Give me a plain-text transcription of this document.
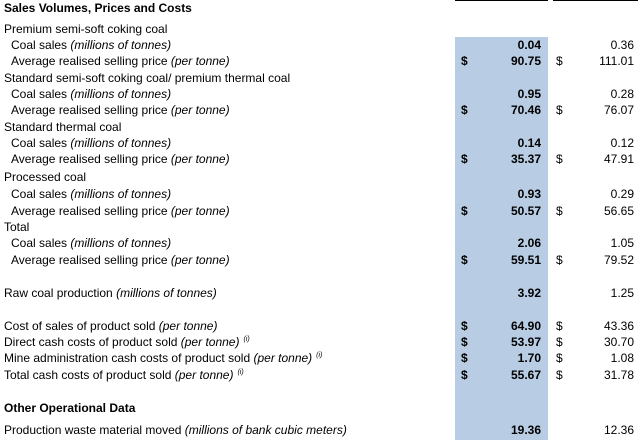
Sales Volumes, Prices and Costs
Premium semi-soft coking coal
Coal sales (millions of tonnes)	0.04	0.36
Average realised selling price (per tonne)	$	90.75 $	111.01
Standard semi-soft coking coal/ premium thermal coal
Coal sales (millions of tonnes)	0.95	0.28
Average realised selling price (per tonne)	$	70.46 $	76.07
Standard thermal coal
Coal sales (millions of tonnes)	0.14	0.12
Average realised selling price (per tonne)	$	35.37 $	47.91
Processed coal
Coal sales (millions of tonnes)	0.93	0.29
Average realised selling price (per tonne)	$	50.57 $	56.65
Total
Coal sales (millions of tonnes)	2.06	1.05
Average realised selling price (per tonne)	$	59.51 $	79.52
Raw coal production (millions of tonnes)	3.92	1.25
Cost of sales of product sold (per tonne)	$	64.90 $	43.36
Direct cash costs of product sold (per tonne) $^{(i)}$	$	53.97 $	30.70
Mine administration cash costs of product sold (per tonne) $^{(i)}$	$	1.70 $	1.08
Total cash costs of product sold (per tonne) $^{(i)}$	$	55.67 $	31.78
Other Operational Data
Production waste material moved (millions of bank cubic meters)	19.36	12.36
